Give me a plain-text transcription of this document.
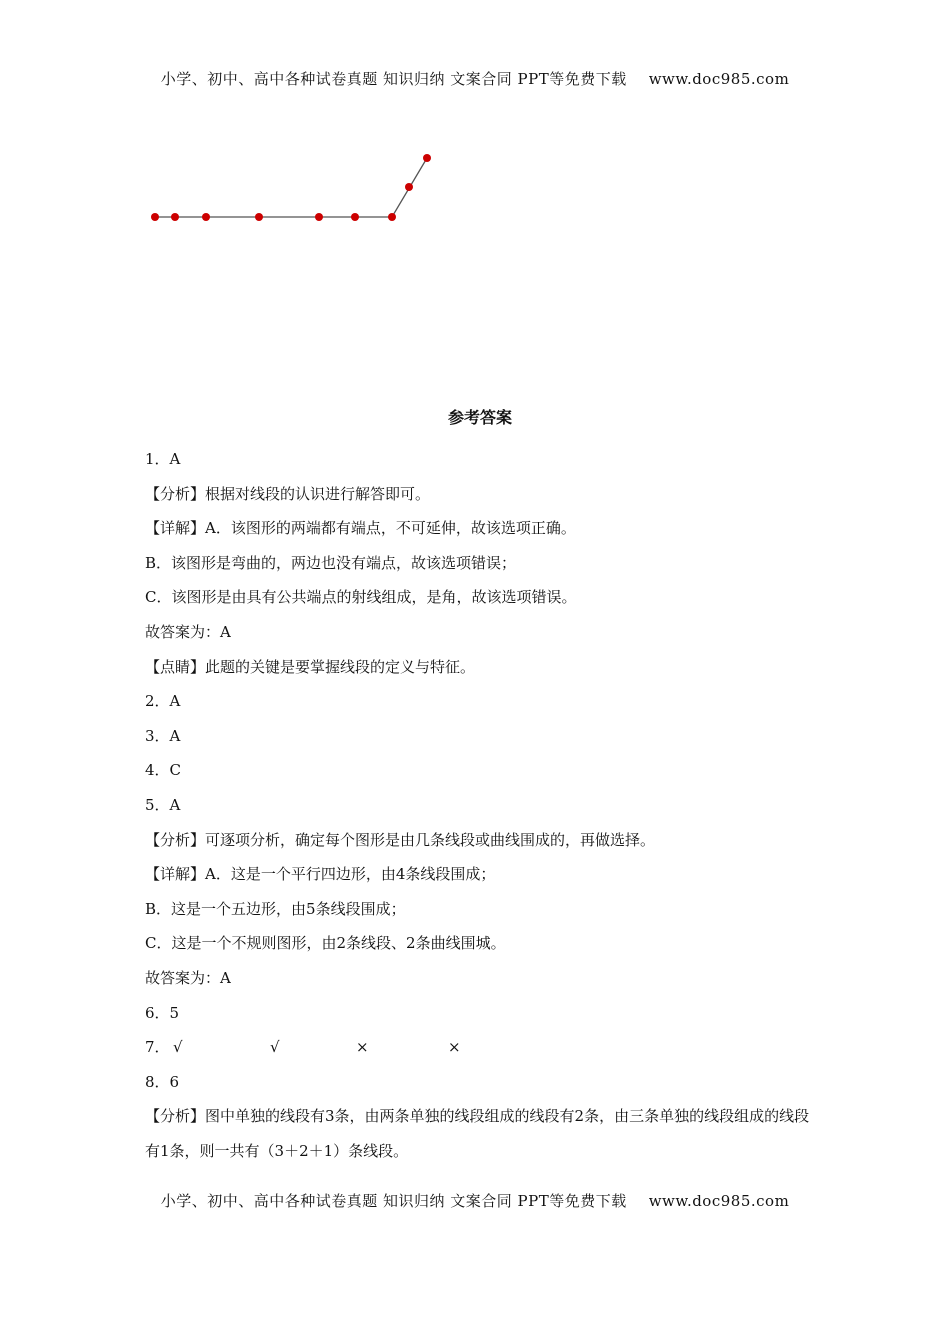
小学、初中、高中各种试卷真题 知识归纳 文案合同 PPT等免费下载 www.doc985.com
参考答案
1．A
【分析】根据对线段的认识进行解答即可。
【详解】A．该图形的两端都有端点，不可延伸，故该选项正确。
B．该图形是弯曲的，两边也没有端点，故该选项错误；
C．该图形是由具有公共端点的射线组成，是角，故该选项错误。
故答案为：A
【点睛】此题的关键是要掌握线段的定义与特征。
2．A
3．A
4．C
5．A
【分析】可逐项分析，确定每个图形是由几条线段或曲线围成的，再做选择。
【详解】A．这是一个平行四边形，由4条线段围成；
B．这是一个五边形，由5条线段围成；
C．这是一个不规则图形，由2条线段、2条曲线围城。
故答案为：A
6．5
7． √	√	×	×
8．6
【分析】图中单独的线段有3条，由两条单独的线段组成的线段有2条，由三条单独的线段组成的线段有1条，则一共有（3＋2＋1）条线段。
小学、初中、高中各种试卷真题 知识归纳 文案合同 PPT等免费下载 www.doc985.com
